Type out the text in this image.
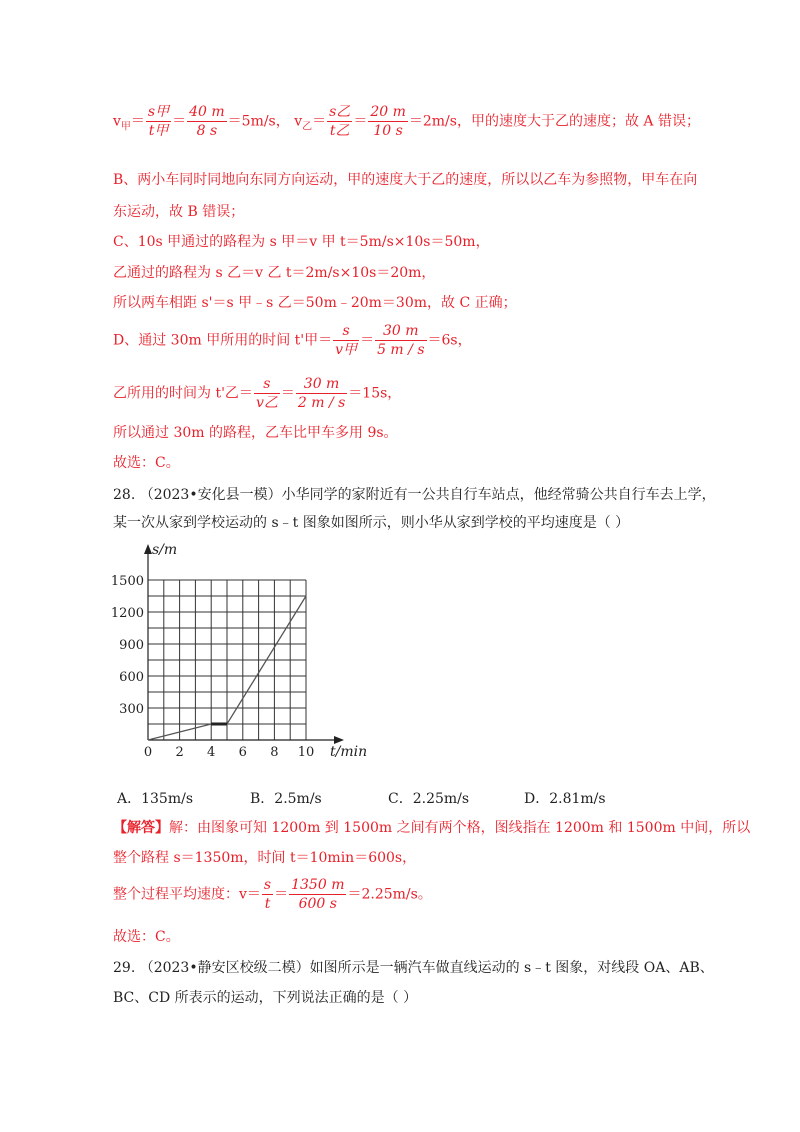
$v_甲= \frac{\text{s甲}}{\text{t甲}} = \frac{40 m}{8 s} =5m/s$， $v_乙= \frac{\text{s乙}}{\text{t乙}} = \frac{20 m}{10 s} =2m/s$，甲的速度大于乙的速度；故 A 错误；
B、两小车同时同地向东同方向运动，甲的速度大于乙的速度，所以以乙车为参照物，甲车在向
东运动，故 B 错误；
C、10s 甲通过的路程为 s 甲＝v 甲 t＝5m/s×10s＝50m，
乙通过的路程为 s 乙＝v 乙 t＝2m/s×10s＝20m，
所以两车相距 s'＝s 甲﹣s 乙＝50m﹣20m＝30m，故 C 正确；
D、通过 30m 甲所用的时间 t'甲＝ $\frac{s}{\text{v甲}} = \frac{30 m}{5 m / s} =6s$，
乙所用的时间为 t'乙＝ $\frac{s}{\text{v乙}} = \frac{30 m}{2 m / s} =15s$，
所以通过 30m 的路程，乙车比甲车多用 9s。
故选：C。
28. （2023•安化县一模）小华同学的家附近有一公共自行车站点，他经常骑公共自行车去上学，
某一次从家到学校运动的 s﹣t 图象如图所示，则小华从家到学校的平均速度是（ ）
300
600
900
1200
1500
0 2 4 6 8 10
s/m
t/min
A．135m/s	B．2.5m/s	C．2.25m/s	D．2.81m/s
【解答】解：由图象可知 1200m 到 1500m 之间有两个格，图线指在 1200m 和 1500m 中间，所以
整个路程 s＝1350m，时间 t＝10min＝600s，
整个过程平均速度：$v= \frac{s}{t} = \frac{1350 m}{600 s} =2.25m/s$。
故选：C。
29. （2023•静安区校级二模）如图所示是一辆汽车做直线运动的 s﹣t 图象，对线段 OA、AB、
BC、CD 所表示的运动，下列说法正确的是（ ）
